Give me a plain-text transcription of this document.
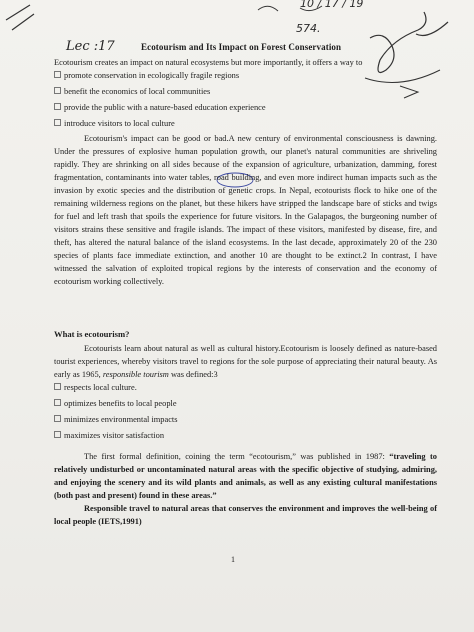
10 / 17 / 19
574.
Lec :17	Ecotourism and Its Impact on Forest Conservation

Ecotourism creates an impact on natural ecosystems but more importantly, it offers a way to

promote conservation in ecologically fragile regions
benefit the economics of local communities
provide the public with a nature-based education experience
introduce visitors to local culture

Ecotourism's impact can be good or bad.A new century of environmental consciousness is dawning. Under the pressures of explosive human population growth, our planet's natural communities are shriveling rapidly. They are shrinking on all sides because of the expansion of agriculture, urbanization, damming, forest fragmentation, contaminants into water tables, road building, and even more indirect human impacts such as the invasion by exotic species and the distribution of genetic crops. In Nepal, ecotourists flock to hike one of the remaining wilderness regions on the planet, but these hikers have stripped the landscape bare of sticks and twigs for fuel and left trash that spoils the experience for future visitors. In the Galapagos, the burgeoning number of visitors strains these sensitive and fragile islands. The impact of these visitors, manifested by disease, fire, and theft, has altered the natural balance of the island ecosystems. In the last decade, approximately 20 of the 230 species of plants face immediate extinction, and another 10 are thought to be extinct.2 In contrast, I have witnessed the salvation of exploited tropical regions by the interests of conservation and the economy of ecotourism working collectively.

What is ecotourism?

Ecotourists learn about natural as well as cultural history.Ecotourism is loosely defined as nature-based tourist experiences, whereby visitors travel to regions for the sole purpose of appreciating their natural beauty. As early as 1965, responsible tourism was defined:3

respects local culture.
optimizes benefits to local people
minimizes environmental impacts
maximizes visitor satisfaction

The first formal definition, coining the term “ecotourism,” was published in 1987: “traveling to relatively undisturbed or uncontaminated natural areas with the specific objective of studying, admiring, and enjoying the scenery and its wild plants and animals, as well as any existing cultural manifestations (both past and present) found in these areas.”

Responsible travel to natural areas that conserves the environment and improves the well-being of local people (IETS,1991)

1
